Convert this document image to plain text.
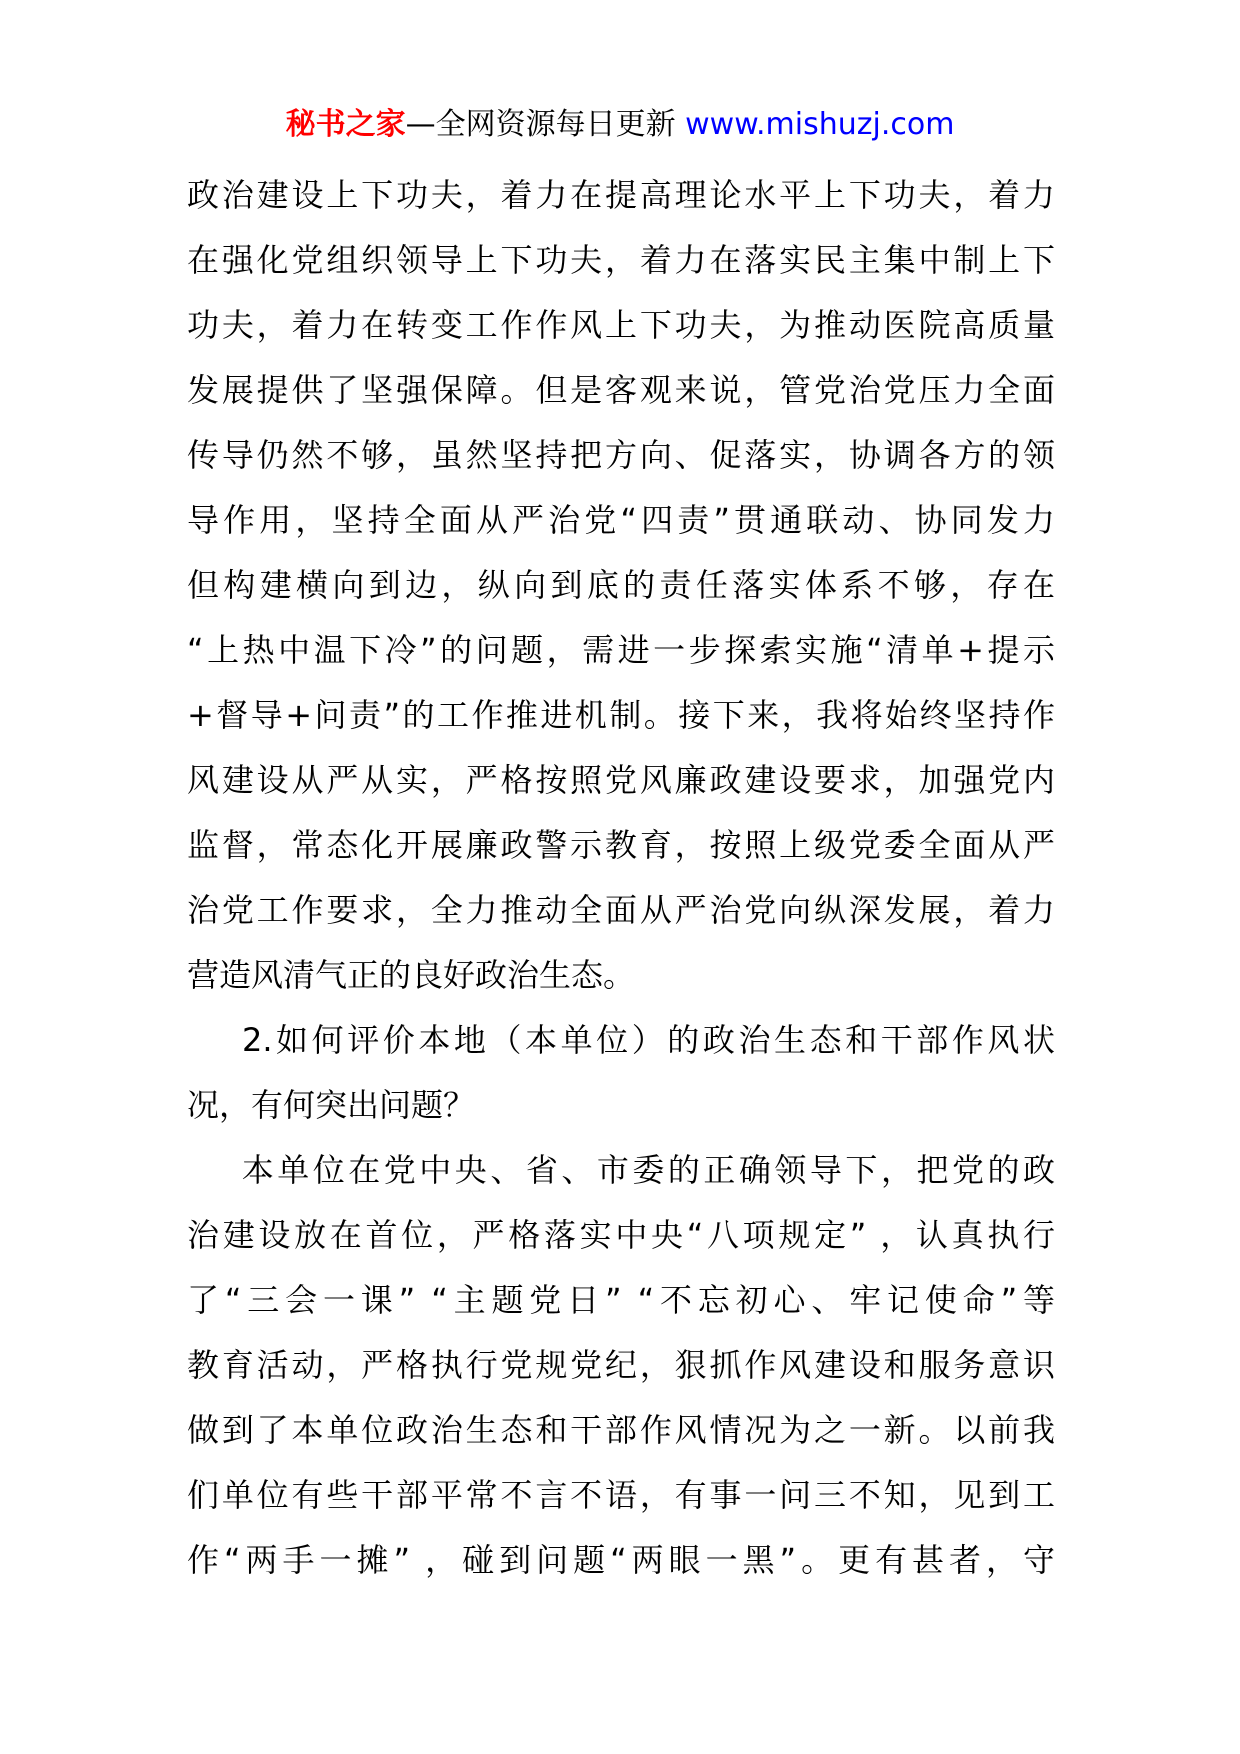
秘书之家—全网资源每日更新 www.mishuzj.com
政治建设上下功夫，着力在提高理论水平上下功夫，着力
在强化党组织领导上下功夫，着力在落实民主集中制上下
功夫，着力在转变工作作风上下功夫，为推动医院高质量
发展提供了坚强保障。但是客观来说，管党治党压力全面
传导仍然不够，虽然坚持把方向、促落实，协调各方的领
导作用，坚持全面从严治党“四责”贯通联动、协同发力
但构建横向到边，纵向到底的责任落实体系不够，存在
“上热中温下冷”的问题，需进一步探索实施“清单+提示
+督导+问责”的工作推进机制。接下来，我将始终坚持作
风建设从严从实，严格按照党风廉政建设要求，加强党内
监督，常态化开展廉政警示教育，按照上级党委全面从严
治党工作要求，全力推动全面从严治党向纵深发展，着力
营造风清气正的良好政治生态。
2.如何评价本地（本单位）的政治生态和干部作风状
况，有何突出问题？
本单位在党中央、省、市委的正确领导下，把党的政
治建设放在首位，严格落实中央“八项规定” ，认真执行
了“三会一课” “主题党日” “不忘初心、牢记使命”等
教育活动，严格执行党规党纪，狠抓作风建设和服务意识
做到了本单位政治生态和干部作风情况为之一新。以前我
们单位有些干部平常不言不语，有事一问三不知，见到工
作“两手一摊” ，碰到问题“两眼一黑”。更有甚者，守
